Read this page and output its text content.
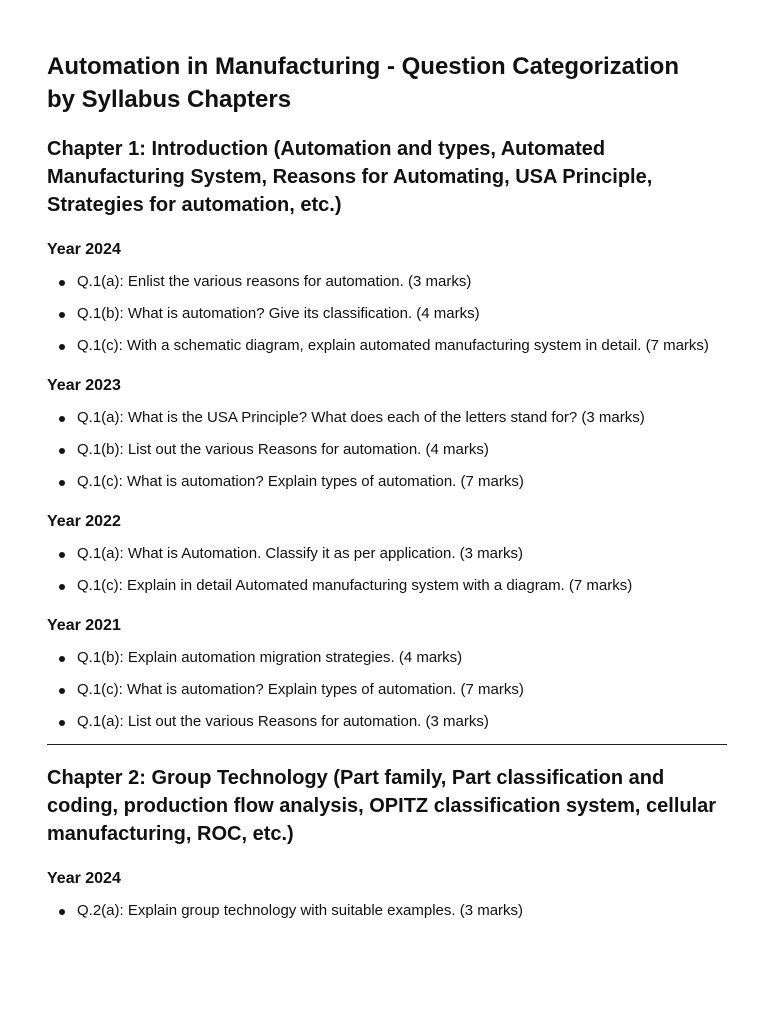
Automation in Manufacturing - Question Categorization
by Syllabus Chapters
Chapter 1: Introduction (Automation and types, Automated Manufacturing System, Reasons for Automating, USA Principle, Strategies for automation, etc.)
Year 2024
Q.1(a): Enlist the various reasons for automation. (3 marks)
Q.1(b): What is automation? Give its classification. (4 marks)
Q.1(c): With a schematic diagram, explain automated manufacturing system in detail. (7 marks)
Year 2023
Q.1(a): What is the USA Principle? What does each of the letters stand for? (3 marks)
Q.1(b): List out the various Reasons for automation. (4 marks)
Q.1(c): What is automation? Explain types of automation. (7 marks)
Year 2022
Q.1(a): What is Automation. Classify it as per application. (3 marks)
Q.1(c): Explain in detail Automated manufacturing system with a diagram. (7 marks)
Year 2021
Q.1(b): Explain automation migration strategies. (4 marks)
Q.1(c): What is automation? Explain types of automation. (7 marks)
Q.1(a): List out the various Reasons for automation. (3 marks)
Chapter 2: Group Technology (Part family, Part classification and coding, production flow analysis, OPITZ classification system, cellular manufacturing, ROC, etc.)
Year 2024
Q.2(a): Explain group technology with suitable examples. (3 marks)
